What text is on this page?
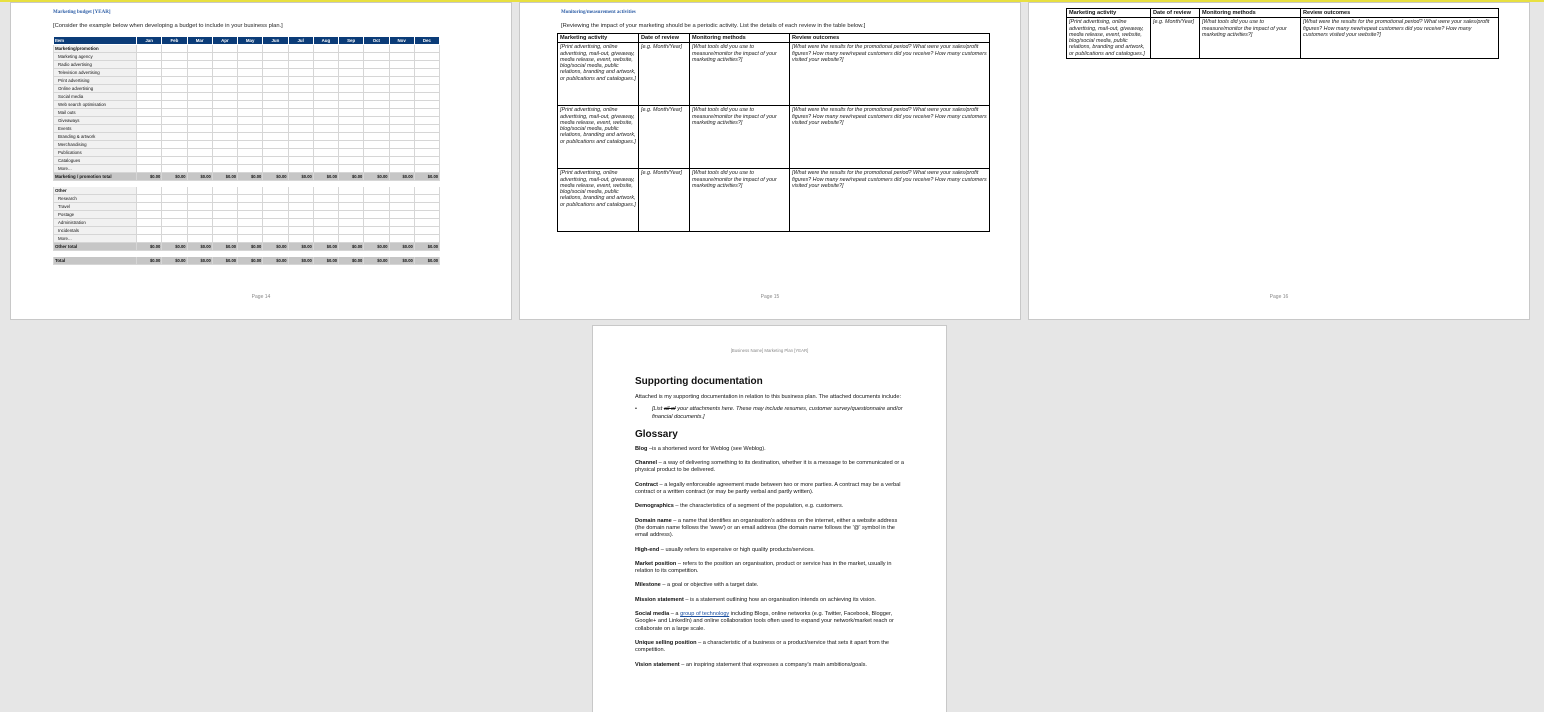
Marketing budget [YEAR]
[Consider the example below when developing a budget to include in your business plan.]
Item	Jan	Feb	Mar	Apr	May	Jun	Jul	Aug	Sep	Oct	Nov	Dec
Marketing/promotion												
Marketing agency												
Radio advertising												
Television advertising												
Print advertising												
Online advertising												
Social media												
Web search optimisation												
Mail outs												
Giveaways												
Events												
Branding & artwork												
Merchandising												
Publications												
Catalogues												
More...												
Marketing / promotion total	$0.00	$0.00	$0.00	$0.00	$0.00	$0.00	$0.00	$0.00	$0.00	$0.00	$0.00	$0.00

Other												
Research												
Travel												
Postage												
Administration												
Incidentals												
More...												
Other total	$0.00	$0.00	$0.00	$0.00	$0.00	$0.00	$0.00	$0.00	$0.00	$0.00	$0.00	$0.00

Total	$0.00	$0.00	$0.00	$0.00	$0.00	$0.00	$0.00	$0.00	$0.00	$0.00	$0.00	$0.00
Page 14
Monitoring/measurement activities
[Reviewing the impact of your marketing should be a periodic activity. List the details of each review in the table below.]
Marketing activity	Date of review	Monitoring methods	Review outcomes
[Print advertising, online advertising, mail-out, giveaway, media release, event, website, blog/social media, public relations, branding and artwork, or publications and catalogues.]	[e.g. Month/Year]	[What tools did you use to measure/monitor the impact of your marketing activities?]	[What were the results for the promotional period? What were your sales/profit figures? How many new/repeat customers did you receive? How many customers visited your website?]
[Print advertising, online advertising, mail-out, giveaway, media release, event, website, blog/social media, public relations, branding and artwork, or publications and catalogues.]	[e.g. Month/Year]	[What tools did you use to measure/monitor the impact of your marketing activities?]	[What were the results for the promotional period? What were your sales/profit figures? How many new/repeat customers did you receive? How many customers visited your website?]
[Print advertising, online advertising, mail-out, giveaway, media release, event, website, blog/social media, public relations, branding and artwork, or publications and catalogues.]	[e.g. Month/Year]	[What tools did you use to measure/monitor the impact of your marketing activities?]	[What were the results for the promotional period? What were your sales/profit figures? How many new/repeat customers did you receive? How many customers visited your website?]
Page 15
Marketing activity	Date of review	Monitoring methods	Review outcomes
[Print advertising, online advertising, mail-out, giveaway, media release, event, website, blog/social media, public relations, branding and artwork, or publications and catalogues.]	[e.g. Month/Year]	[What tools did you use to measure/monitor the impact of your marketing activities?]	[What were the results for the promotional period? What were your sales/profit figures? How many new/repeat customers did you receive? How many customers visited your website?]
Page 16
[Business Name] Marketing Plan [YEAR]
Supporting documentation
Attached is my supporting documentation in relation to this business plan. The attached documents include:
•	[List all of your attachments here. These may include resumes, customer survey/questionnaire and/or financial documents.]
Glossary
Blog –is a shortened word for Weblog (see Weblog).
Channel – a way of delivering something to its destination, whether it is a message to be communicated or a physical product to be delivered.
Contract – a legally enforceable agreement made between two or more parties. A contract may be a verbal contract or a written contract (or may be partly verbal and partly written).
Demographics – the characteristics of a segment of the population, e.g. customers.
Domain name – a name that identifies an organisation's address on the internet, either a website address (the domain name follows the 'www') or an email address (the domain name follows the '@' symbol in the email address).
High-end – usually refers to expensive or high quality products/services.
Market position – refers to the position an organisation, product or service has in the market, usually in relation to its competition.
Milestone – a goal or objective with a target date.
Mission statement – is a statement outlining how an organisation intends on achieving its vision.
Social media – a group of technology including Blogs, online networks (e.g. Twitter, Facebook, Blogger, Google+ and LinkedIn) and online collaboration tools often used to expand your network/market reach or collaborate on a large scale.
Unique selling position – a characteristic of a business or a product/service that sets it apart from the competition.
Vision statement – an inspiring statement that expresses a company's main ambitions/goals.
